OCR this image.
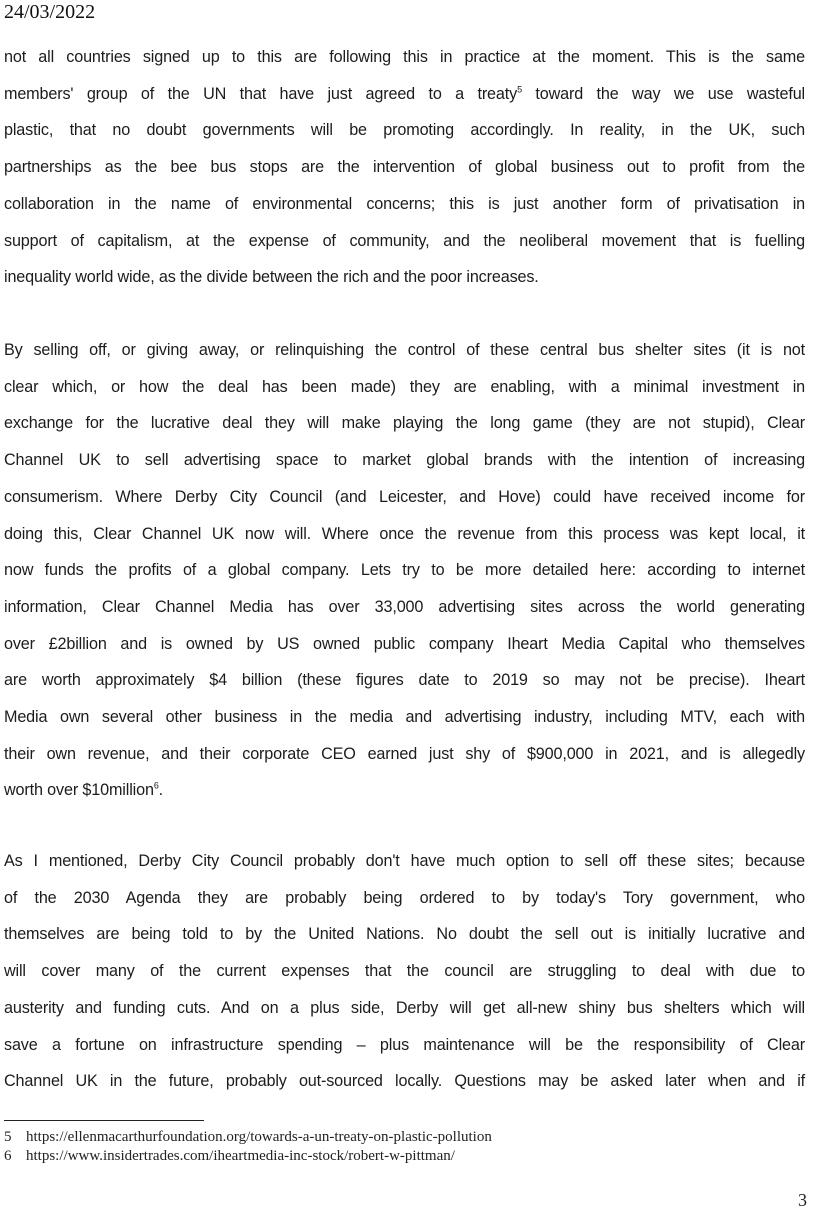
24/03/2022
not all countries signed up to this are following this in practice at the moment. This is the same
members' group of the UN that have just agreed to a treaty$^5$ toward the way we use wasteful
plastic, that no doubt governments will be promoting accordingly. In reality, in the UK, such
partnerships as the bee bus stops are the intervention of global business out to profit from the
collaboration in the name of environmental concerns; this is just another form of privatisation in
support of capitalism, at the expense of community, and the neoliberal movement that is fuelling
inequality world wide, as the divide between the rich and the poor increases.
By selling off, or giving away, or relinquishing the control of these central bus shelter sites (it is not
clear which, or how the deal has been made) they are enabling, with a minimal investment in
exchange for the lucrative deal they will make playing the long game (they are not stupid), Clear
Channel UK to sell advertising space to market global brands with the intention of increasing
consumerism. Where Derby City Council (and Leicester, and Hove) could have received income for
doing this, Clear Channel UK now will. Where once the revenue from this process was kept local, it
now funds the profits of a global company. Lets try to be more detailed here: according to internet
information, Clear Channel Media has over 33,000 advertising sites across the world generating
over £2billion and is owned by US owned public company Iheart Media Capital who themselves
are worth approximately $4 billion (these figures date to 2019 so may not be precise). Iheart
Media own several other business in the media and advertising industry, including MTV, each with
their own revenue, and their corporate CEO earned just shy of $900,000 in 2021, and is allegedly
worth over $10million$^6$.
As I mentioned, Derby City Council probably don't have much option to sell off these sites; because
of the 2030 Agenda they are probably being ordered to by today's Tory government, who
themselves are being told to by the United Nations. No doubt the sell out is initially lucrative and
will cover many of the current expenses that the council are struggling to deal with due to
austerity and funding cuts. And on a plus side, Derby will get all-new shiny bus shelters which will
save a fortune on infrastructure spending – plus maintenance will be the responsibility of Clear
Channel UK in the future, probably out-sourced locally. Questions may be asked later when and if
5 https://ellenmacarthurfoundation.org/towards-a-un-treaty-on-plastic-pollution
6 https://www.insidertrades.com/iheartmedia-inc-stock/robert-w-pittman/
3
